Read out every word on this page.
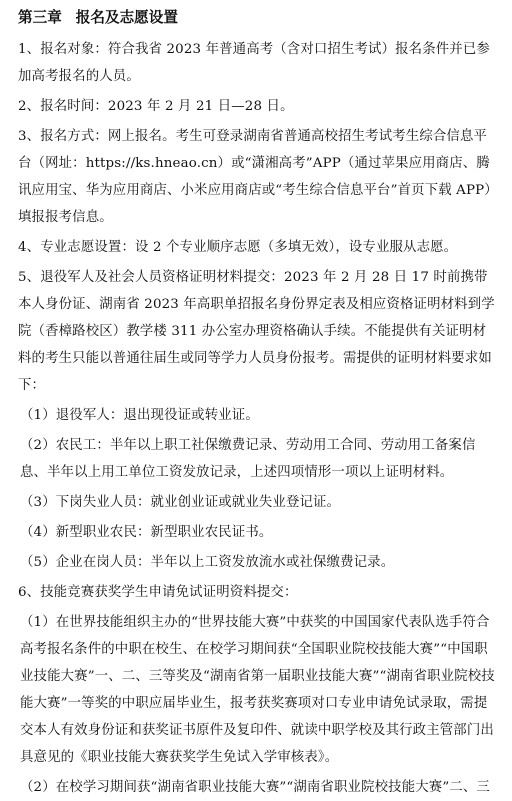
第三章 报名及志愿设置

1、报名对象：符合我省 2023 年普通高考（含对口招生考试）报名条件并已参加高考报名的人员。

2、报名时间：2023 年 2 月 21 日—28 日。

3、报名方式：网上报名。考生可登录湖南省普通高校招生考试考生综合信息平台（网址：https://ks.hneao.cn）或“潇湘高考”APP（通过苹果应用商店、腾讯应用宝、华为应用商店、小米应用商店或“考生综合信息平台”首页下载 APP）填报报考信息。

4、专业志愿设置：设 2 个专业顺序志愿（多填无效），设专业服从志愿。

5、退役军人及社会人员资格证明材料提交：2023 年 2 月 28 日 17 时前携带本人身份证、湖南省 2023 年高职单招报名身份界定表及相应资格证明材料到学院（香樟路校区）教学楼 311 办公室办理资格确认手续。不能提供有关证明材料的考生只能以普通往届生或同等学力人员身份报考。需提供的证明材料要求如下：

（1）退役军人：退出现役证或转业证。

（2）农民工：半年以上职工社保缴费记录、劳动用工合同、劳动用工备案信息、半年以上用工单位工资发放记录，上述四项情形一项以上证明材料。

（3）下岗失业人员：就业创业证或就业失业登记证。

（4）新型职业农民：新型职业农民证书。

（5）企业在岗人员：半年以上工资发放流水或社保缴费记录。

6、技能竞赛获奖学生申请免试证明资料提交：

（1）在世界技能组织主办的“世界技能大赛”中获奖的中国国家代表队选手符合高考报名条件的中职在校生、在校学习期间获“全国职业院校技能大赛”“中国职业技能大赛”一、二、三等奖及“湖南省第一届职业技能大赛”“湖南省职业院校技能大赛”一等奖的中职应届毕业生，报考获奖赛项对口专业申请免试录取，需提交本人有效身份证和获奖证书原件及复印件、就读中职学校及其行政主管部门出具意见的《职业技能大赛获奖学生免试入学审核表》。

（2）在校学习期间获“湖南省职业技能大赛”“湖南省职业院校技能大赛”二、三
